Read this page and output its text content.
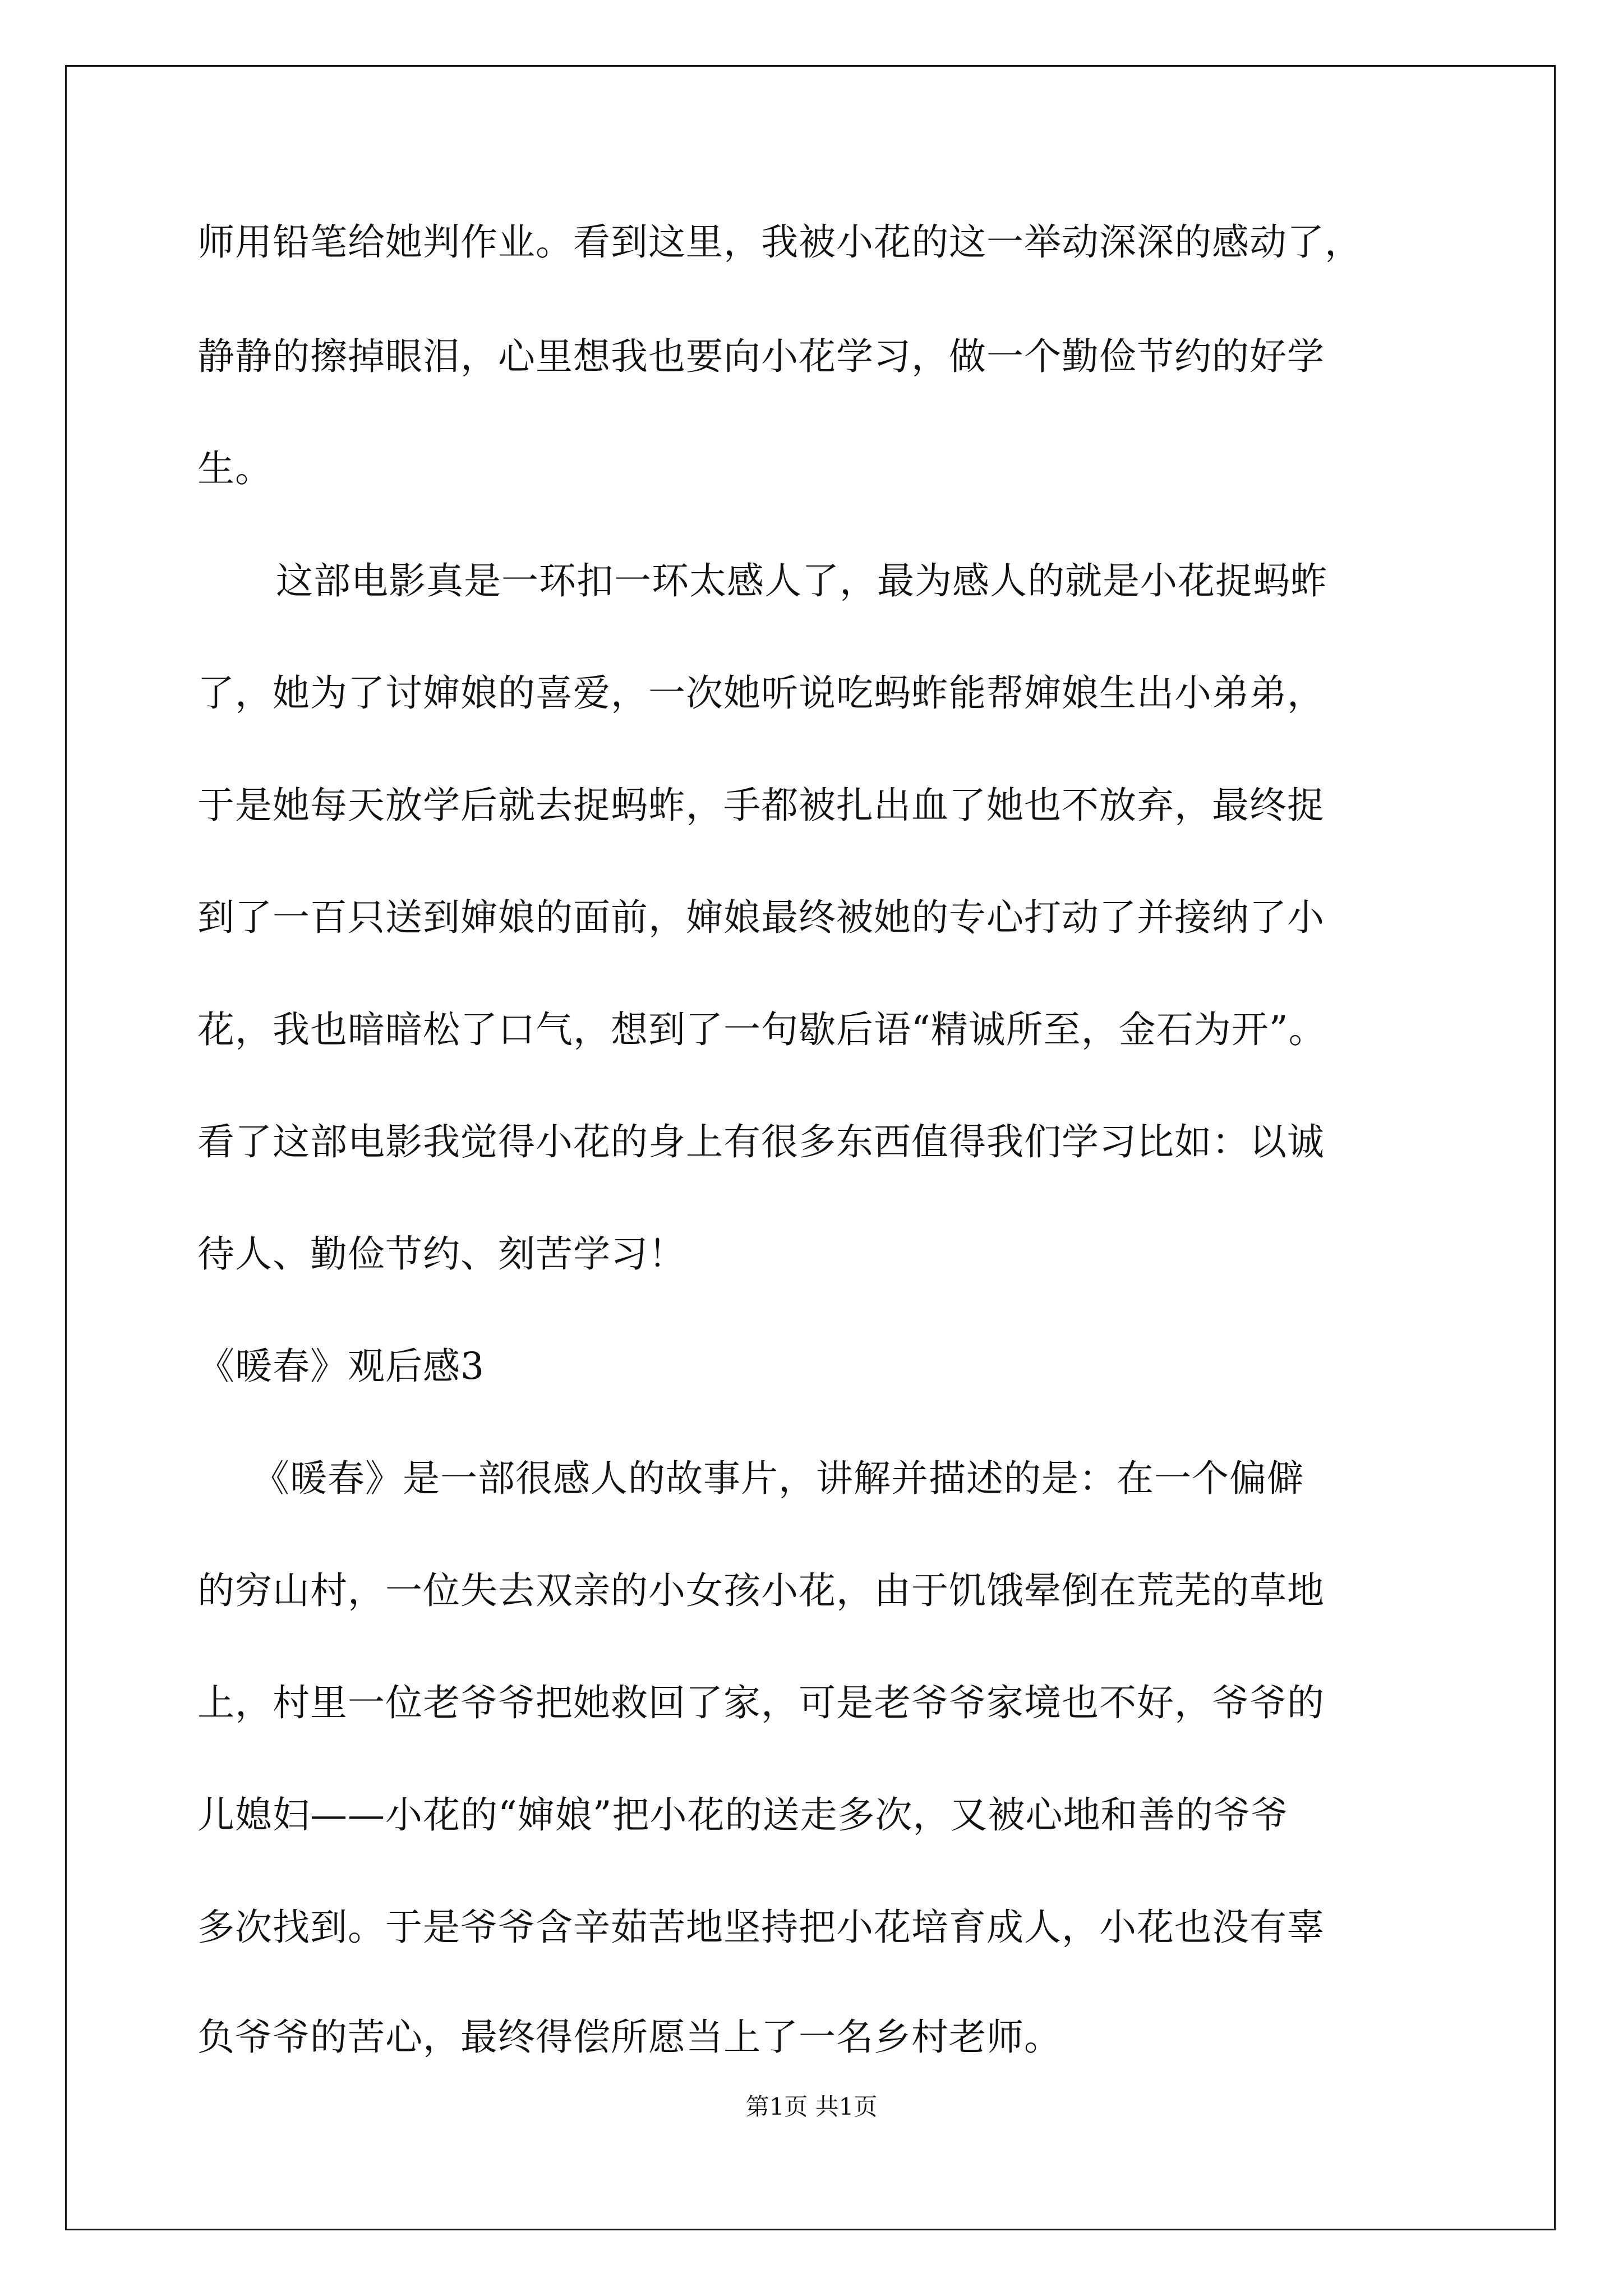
师用铅笔给她判作业。看到这里，我被小花的这一举动深深的感动了，
静静的擦掉眼泪，心里想我也要向小花学习，做一个勤俭节约的好学
生。
这部电影真是一环扣一环太感人了，最为感人的就是小花捉蚂蚱
了，她为了讨婶娘的喜爱，一次她听说吃蚂蚱能帮婶娘生出小弟弟，
于是她每天放学后就去捉蚂蚱，手都被扎出血了她也不放弃，最终捉
到了一百只送到婶娘的面前，婶娘最终被她的专心打动了并接纳了小
花，我也暗暗松了口气，想到了一句歇后语“精诚所至，金石为开”。
看了这部电影我觉得小花的身上有很多东西值得我们学习比如：以诚
待人、勤俭节约、刻苦学习！
《暖春》观后感3
《暖春》是一部很感人的故事片，讲解并描述的是：在一个偏僻
的穷山村，一位失去双亲的小女孩小花，由于饥饿晕倒在荒芜的草地
上，村里一位老爷爷把她救回了家，可是老爷爷家境也不好，爷爷的
儿媳妇——小花的“婶娘”把小花的送走多次，又被心地和善的爷爷
多次找到。于是爷爷含辛茹苦地坚持把小花培育成人，小花也没有辜
负爷爷的苦心，最终得偿所愿当上了一名乡村老师。
第1页 共1页
